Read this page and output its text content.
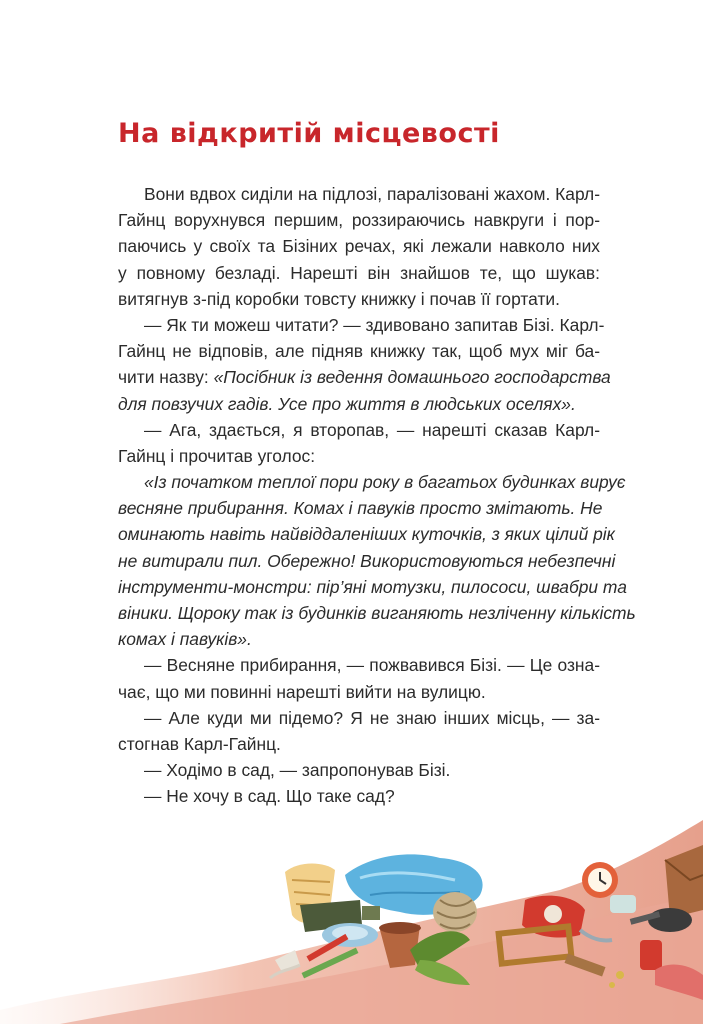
На відкритій місцевості
Вони вдвох сиділи на підлозі, паралізовані жахом. Карл-
Гайнц ворухнувся першим, роззираючись навкруги і пор-
паючись у своїх та Бізіних речах, які лежали навколо них
у повному безладі. Нарешті він знайшов те, що шукав:
витягнув з-під коробки товсту книжку і почав її гортати.
— Як ти можеш читати? — здивовано запитав Бізі. Карл-
Гайнц не відповів, але підняв книжку так, щоб мух міг ба-
чити назву: «Посібник із ведення домашнього господарства
для повзучих гадів. Усе про життя в людських оселях».
— Ага, здається, я второпав, — нарешті сказав Карл-
Гайнц і прочитав уголос:
«Із початком теплої пори року в багатьох будинках вирує
весняне прибирання. Комах і павуків просто змітають. Не
оминають навіть найвіддаленіших куточків, з яких цілий рік
не витирали пил. Обережно! Використовуються небезпечні
інструменти-монстри: пір’яні мотузки, пилососи, швабри та
віники. Щороку так із будинків виганяють незліченну кількість
комах і павуків».
— Весняне прибирання, — пожвавився Бізі. — Це озна-
чає, що ми повинні нарешті вийти на вулицю.
— Але куди ми підемо? Я не знаю інших місць, — за-
стогнав Карл-Гайнц.
— Ходімо в сад, — запропонував Бізі.
— Не хочу в сад. Що таке сад?
